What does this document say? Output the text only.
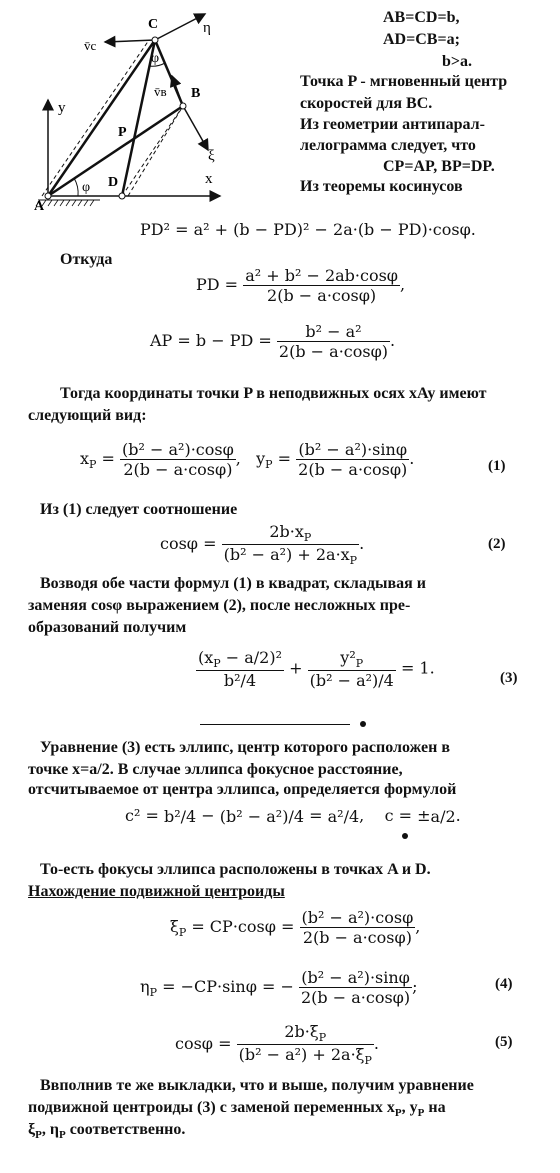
A
B
C
D
P
x
y
η
ξ
φ
φ
v̄c
v̄в
AB=CD=b,
AD=CB=a;
b>a.
Точка P - мгновенный центр
скоростей для BC.
Из геометрии антипарал-
лелограмма следует, что
CP=AP, BP=DP.
Из теоремы косинусов
PD² = a² + (b − PD)² − 2a·(b − PD)·cosφ.
Откуда
PD = $\frac{\text{a² + b² − 2ab·cosφ}}{2(b - a\cdot\cos\varphi)}$ ,
AP = b − PD = $\frac{\text{b² − a²}}{2(b - a\cdot\cos\varphi)}$ .
Тогда координаты точки P в неподвижных осях xAy имеют
следующий вид:
$x_P = \frac{\text{(b² − a²)·cosφ}}{2(b - a\cdot\cos\varphi)}$ ,   $y_P = \frac{\text{(b² − a²)·sinφ}}{2(b - a\cdot\cos\varphi)}$ .	(1)
Из (1) следует соотношение
$\cos\varphi = \frac{2b\cdot x_P}{(b^2 - a^2) + 2a\cdot x_P}$ .	(2)
Возводя обе части формул (1) в квадрат, складывая и
заменяя cosφ выражением (2), после несложных пре-
образований получим
$\frac{(x_P - a/2)^2}{\text{b²/4}} + \frac{y^2_P}{\text{(b² − a²)/4}} = 1$.
(3)
Уравнение (3) есть эллипс, центр которого расположен в
точке x=a/2. В случае эллипса фокусное расстояние,
отсчитываемое от центра эллипса, определяется формулой
c² = b²/4 − (b² − a²)/4 = a²/4,    c = ±a/2.
То-есть фокусы эллипса расположены в точках A и D.
Нахождение подвижной центроиды
$\xi_P = CP\cdot\cos\varphi = \frac{\text{(b² − a²)·cosφ}}{2(b - a\cdot\cos\varphi)}$ ,
$\eta_P = -CP\cdot\sin\varphi$ = − $\frac{\text{(b² − a²)·sinφ}}{2(b - a\cdot\cos\varphi)}$ ;	(4)
$\cos\varphi = \frac{2b\cdot\xi_P}{(b^2 - a^2) + 2a\cdot\xi_P}$ .	(5)
Ввполнив те же выкладки, что и выше, получим уравнение
подвижной центроиды (3) с заменой переменных $x_P$, $y_P$ на
$\xi_P$, $\eta_P$ соответственно.
